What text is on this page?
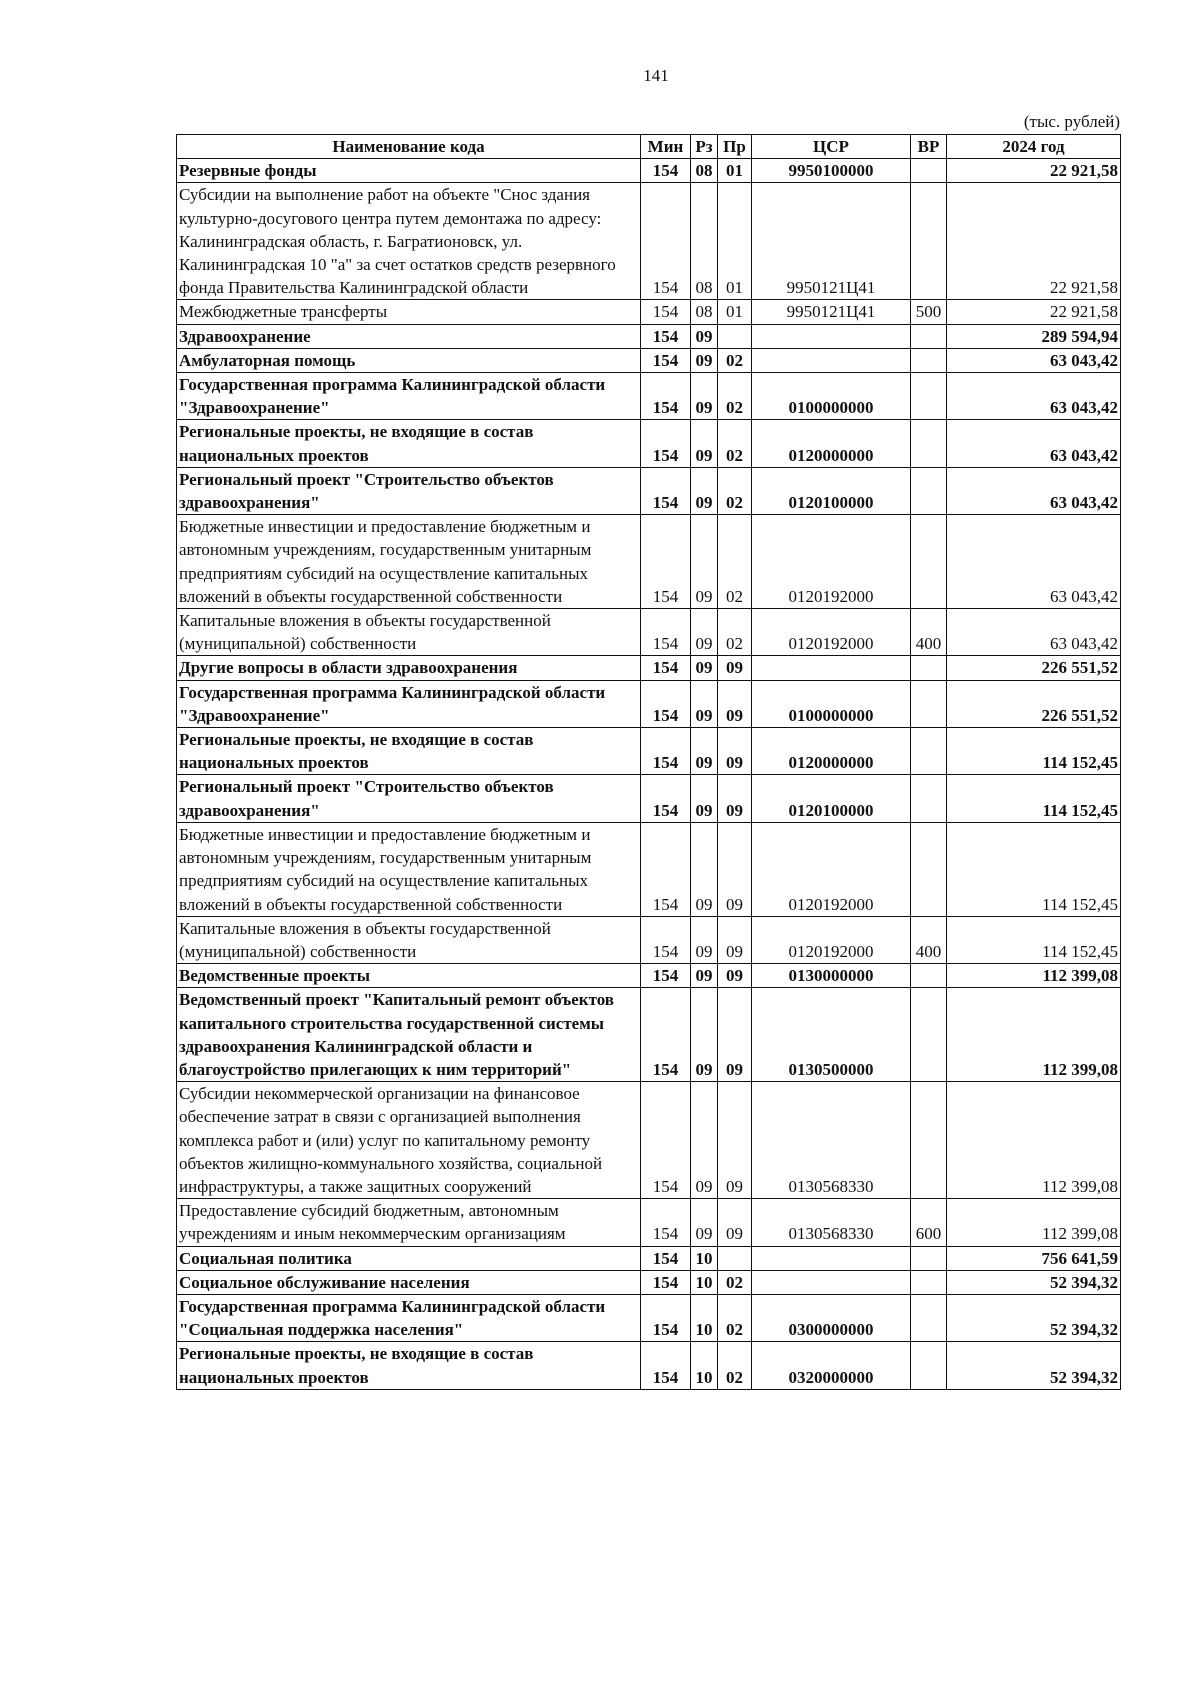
141
(тыс. рублей)
Наименование кода	Мин	Рз	Пр	ЦСР	ВР	2024 год
Резервные фонды	154	08	01	9950100000		22 921,58
Субсидии на выполнение работ на объекте "Снос здания культурно-досугового центра путем демонтажа по адресу: Калининградская область, г. Багратионовск, ул. Калининградская 10 "а" за счет остатков средств резервного фонда Правительства Калининградской области	154	08	01	9950121Ц41		22 921,58
Межбюджетные трансферты	154	08	01	9950121Ц41	500	22 921,58
Здравоохранение	154	09				289 594,94
Амбулаторная помощь	154	09	02			63 043,42
Государственная программа Калининградской области "Здравоохранение"	154	09	02	0100000000		63 043,42
Региональные проекты, не входящие в состав национальных проектов	154	09	02	0120000000		63 043,42
Региональный проект "Строительство объектов здравоохранения"	154	09	02	0120100000		63 043,42
Бюджетные инвестиции и предоставление бюджетным и автономным учреждениям, государственным унитарным предприятиям субсидий на осуществление капитальных вложений в объекты государственной собственности	154	09	02	0120192000		63 043,42
Капитальные вложения в объекты государственной (муниципальной) собственности	154	09	02	0120192000	400	63 043,42
Другие вопросы в области здравоохранения	154	09	09			226 551,52
Государственная программа Калининградской области "Здравоохранение"	154	09	09	0100000000		226 551,52
Региональные проекты, не входящие в состав национальных проектов	154	09	09	0120000000		114 152,45
Региональный проект "Строительство объектов здравоохранения"	154	09	09	0120100000		114 152,45
Бюджетные инвестиции и предоставление бюджетным и автономным учреждениям, государственным унитарным предприятиям субсидий на осуществление капитальных вложений в объекты государственной собственности	154	09	09	0120192000		114 152,45
Капитальные вложения в объекты государственной (муниципальной) собственности	154	09	09	0120192000	400	114 152,45
Ведомственные проекты	154	09	09	0130000000		112 399,08
Ведомственный проект "Капитальный ремонт объектов капитального строительства государственной системы здравоохранения Калининградской области и благоустройство прилегающих к ним территорий"	154	09	09	0130500000		112 399,08
Субсидии некоммерческой организации на финансовое обеспечение затрат в связи с организацией выполнения комплекса работ и (или) услуг по капитальному ремонту объектов жилищно-коммунального хозяйства, социальной инфраструктуры, а также защитных сооружений	154	09	09	0130568330		112 399,08
Предоставление субсидий бюджетным, автономным учреждениям и иным некоммерческим организациям	154	09	09	0130568330	600	112 399,08
Социальная политика	154	10				756 641,59
Социальное обслуживание населения	154	10	02			52 394,32
Государственная программа Калининградской области "Социальная поддержка населения"	154	10	02	0300000000		52 394,32
Региональные проекты, не входящие в состав национальных проектов	154	10	02	0320000000		52 394,32
